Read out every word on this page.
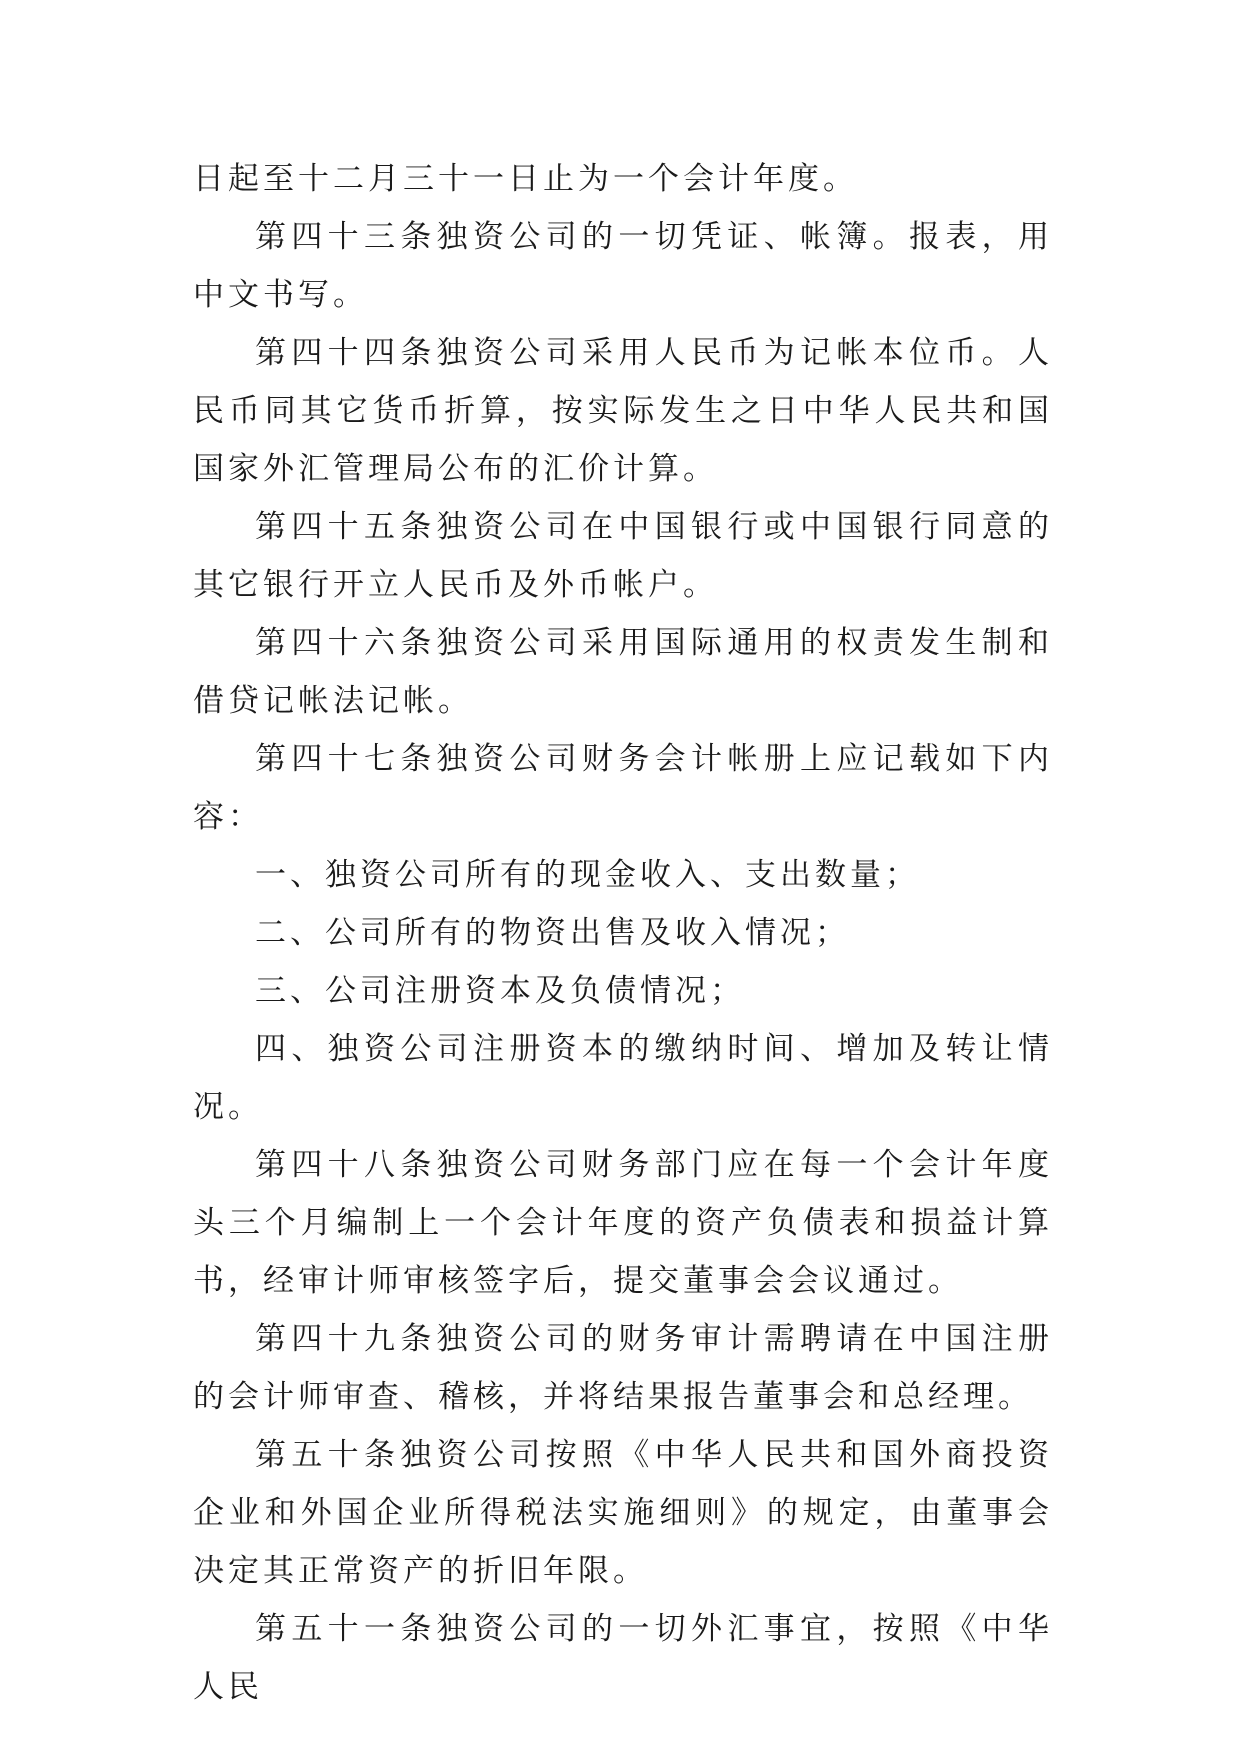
日起至十二月三十一日止为一个会计年度。

第四十三条独资公司的一切凭证、帐簿。报表，用中文书写。

第四十四条独资公司采用人民币为记帐本位币。人民币同其它货币折算，按实际发生之日中华人民共和国国家外汇管理局公布的汇价计算。

第四十五条独资公司在中国银行或中国银行同意的其它银行开立人民币及外币帐户。

第四十六条独资公司采用国际通用的权责发生制和借贷记帐法记帐。

第四十七条独资公司财务会计帐册上应记载如下内容：

一、独资公司所有的现金收入、支出数量；

二、公司所有的物资出售及收入情况；

三、公司注册资本及负债情况；

四、独资公司注册资本的缴纳时间、增加及转让情况。

第四十八条独资公司财务部门应在每一个会计年度头三个月编制上一个会计年度的资产负债表和损益计算书，经审计师审核签字后，提交董事会会议通过。

第四十九条独资公司的财务审计需聘请在中国注册的会计师审查、稽核，并将结果报告董事会和总经理。

第五十条独资公司按照《中华人民共和国外商投资企业和外国企业所得税法实施细则》的规定，由董事会决定其正常资产的折旧年限。

第五十一条独资公司的一切外汇事宜，按照《中华人民
